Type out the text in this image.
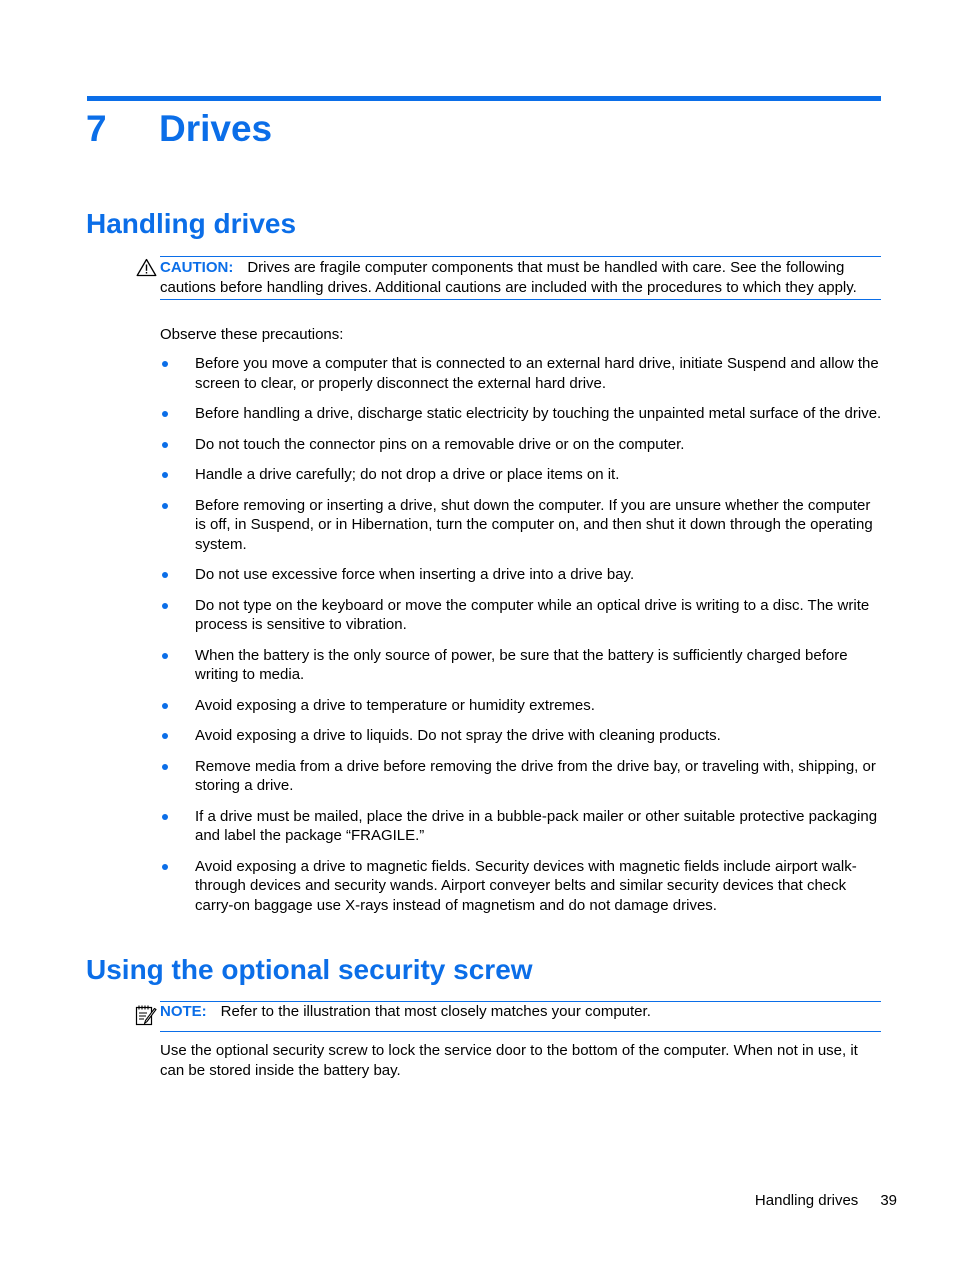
7 Drives
Handling drives
CAUTION: Drives are fragile computer components that must be handled with care. See the following cautions before handling drives. Additional cautions are included with the procedures to which they apply.

Observe these precautions:

Before you move a computer that is connected to an external hard drive, initiate Suspend and allow the screen to clear, or properly disconnect the external hard drive.
Before handling a drive, discharge static electricity by touching the unpainted metal surface of the drive.
Do not touch the connector pins on a removable drive or on the computer.
Handle a drive carefully; do not drop a drive or place items on it.
Before removing or inserting a drive, shut down the computer. If you are unsure whether the computer is off, in Suspend, or in Hibernation, turn the computer on, and then shut it down through the operating system.
Do not use excessive force when inserting a drive into a drive bay.
Do not type on the keyboard or move the computer while an optical drive is writing to a disc. The write process is sensitive to vibration.
When the battery is the only source of power, be sure that the battery is sufficiently charged before writing to media.
Avoid exposing a drive to temperature or humidity extremes.
Avoid exposing a drive to liquids. Do not spray the drive with cleaning products.
Remove media from a drive before removing the drive from the drive bay, or traveling with, shipping, or storing a drive.
If a drive must be mailed, place the drive in a bubble-pack mailer or other suitable protective packaging and label the package “FRAGILE.”
Avoid exposing a drive to magnetic fields. Security devices with magnetic fields include airport walk-through devices and security wands. Airport conveyer belts and similar security devices that check carry-on baggage use X-rays instead of magnetism and do not damage drives.
Using the optional security screw
NOTE: Refer to the illustration that most closely matches your computer.

Use the optional security screw to lock the service door to the bottom of the computer. When not in use, it can be stored inside the battery bay.

Handling drives 39
